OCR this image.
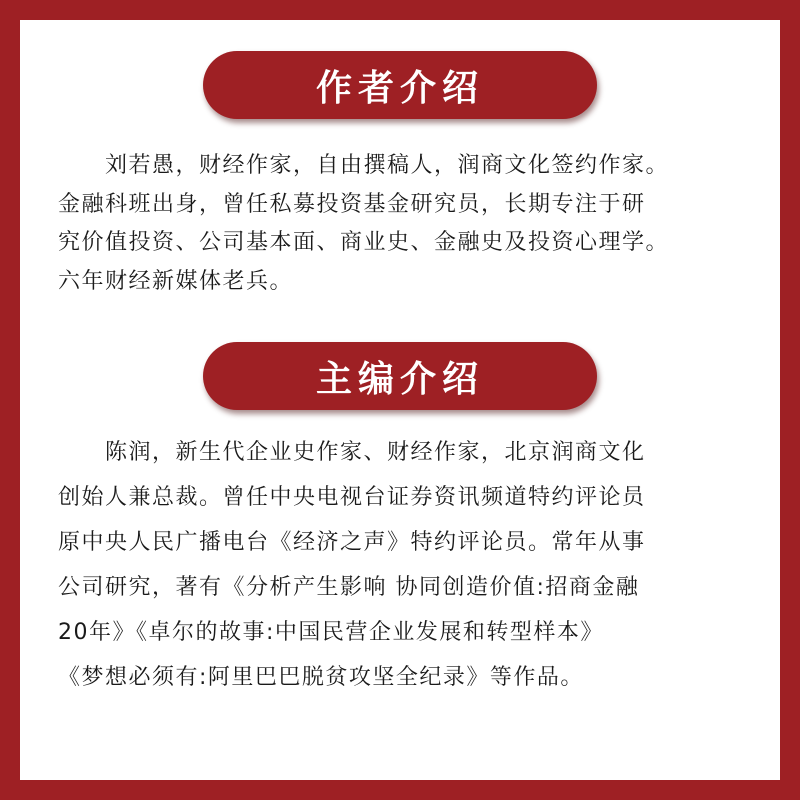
作者介绍
　　刘若愚，财经作家，自由撰稿人，润商文化签约作家。
金融科班出身，曾任私募投资基金研究员，长期专注于研
究价值投资、公司基本面、商业史、金融史及投资心理学。
六年财经新媒体老兵。
主编介绍
　　陈润，新生代企业史作家、财经作家，北京润商文化
创始人兼总裁。曾任中央电视台证券资讯频道特约评论员
原中央人民广播电台《经济之声》特约评论员。常年从事
公司研究，著有《分析产生影响 协同创造价值:招商金融
20年》《卓尔的故事:中国民营企业发展和转型样本》
《梦想必须有:阿里巴巴脱贫攻坚全纪录》等作品。
